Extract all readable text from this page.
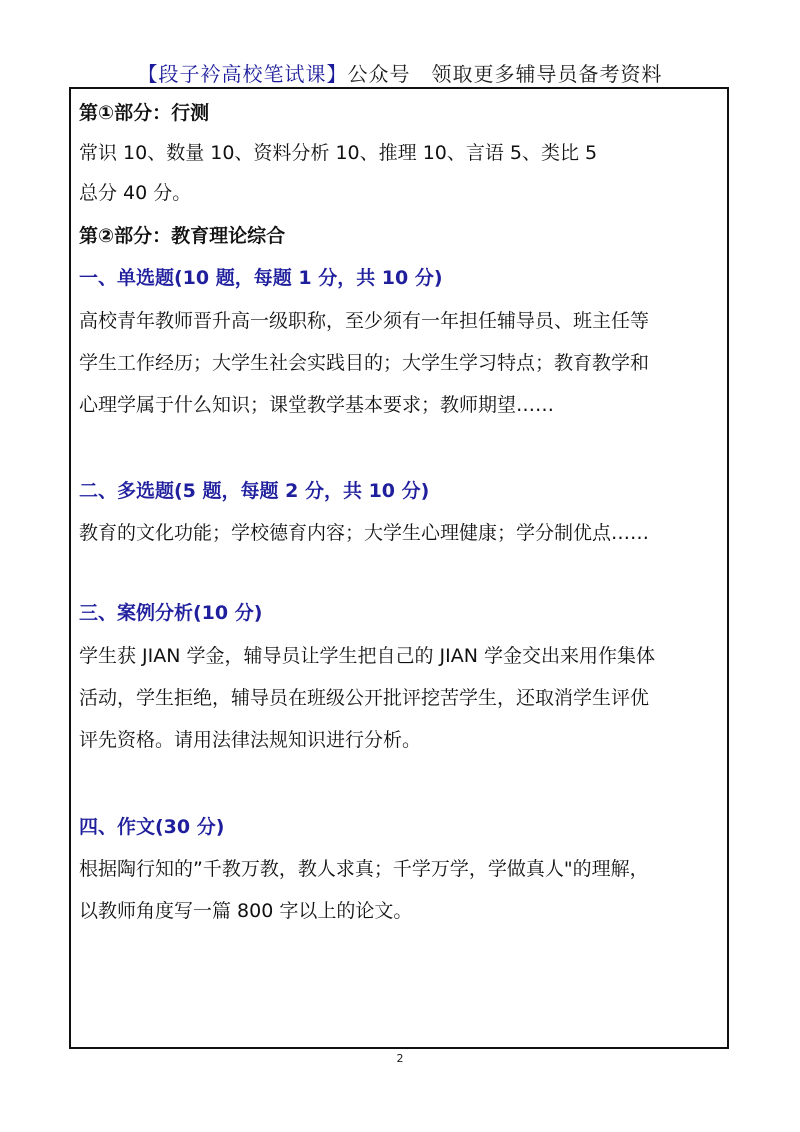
【段子衿高校笔试课】公众号　领取更多辅导员备考资料
第①部分：行测
常识 10、数量 10、资料分析 10、推理 10、言语 5、类比 5
总分 40 分。
第②部分：教育理论综合
一、单选题(10 题，每题 1 分，共 10 分)
高校青年教师晋升高一级职称，至少须有一年担任辅导员、班主任等
学生工作经历；大学生社会实践目的；大学生学习特点；教育教学和
心理学属于什么知识；课堂教学基本要求；教师期望……
二、多选题(5 题，每题 2 分，共 10 分)
教育的文化功能；学校德育内容；大学生心理健康；学分制优点……
三、案例分析(10 分)
学生获 JIAN 学金，辅导员让学生把自己的 JIAN 学金交出来用作集体
活动，学生拒绝，辅导员在班级公开批评挖苦学生，还取消学生评优
评先资格。请用法律法规知识进行分析。
四、作文(30 分)
根据陶行知的”千教万教，教人求真；千学万学，学做真人"的理解，
以教师角度写一篇 800 字以上的论文。
2
